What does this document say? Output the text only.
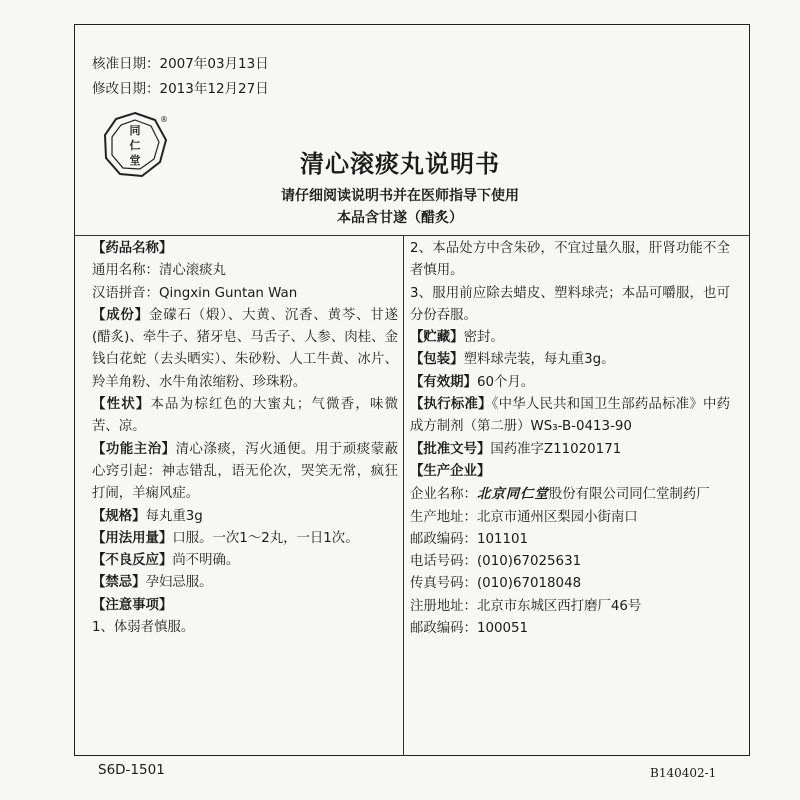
核准日期：2007年03月13日
修改日期：2013年12月27日
同
仁
堂
®
清心滚痰丸说明书
请仔细阅读说明书并在医师指导下使用
本品含甘遂（醋炙）

【药品名称】

通用名称：清心滚痰丸

汉语拼音：Qingxin Guntan Wan

【成份】金礞石（煅）、大黄、沉香、黄芩、甘遂(醋炙)、牵牛子、猪牙皂、马舌子、人参、肉桂、金钱白花蛇（去头晒实）、朱砂粉、人工牛黄、冰片、羚羊角粉、水牛角浓缩粉、珍珠粉。

【性状】本品为棕红色的大蜜丸；气微香，味微苦、凉。

【功能主治】清心涤痰，泻火通便。用于顽痰蒙蔽心窍引起：神志错乱，语无伦次，哭笑无常，疯狂打闹，羊痫风症。

【规格】每丸重3g

【用法用量】口服。一次1～2丸，一日1次。

【不良反应】尚不明确。

【禁忌】孕妇忌服。

【注意事项】

1、体弱者慎服。

2、本品处方中含朱砂，不宜过量久服，肝肾功能不全者慎用。

3、服用前应除去蜡皮、塑料球壳；本品可嚼服，也可分份吞服。

【贮藏】密封。

【包装】塑料球壳装，每丸重3g。

【有效期】60个月。

【执行标准】《中华人民共和国卫生部药品标准》中药成方制剂（第二册）WS₃-B-0413-90

【批准文号】国药准字Z11020171

【生产企业】

企业名称：北京同仁堂股份有限公司同仁堂制药厂

生产地址：北京市通州区梨园小街南口

邮政编码：101101

电话号码：(010)67025631

传真号码：(010)67018048

注册地址：北京市东城区西打磨厂46号

邮政编码：100051

S6D-1501	B140402-1
